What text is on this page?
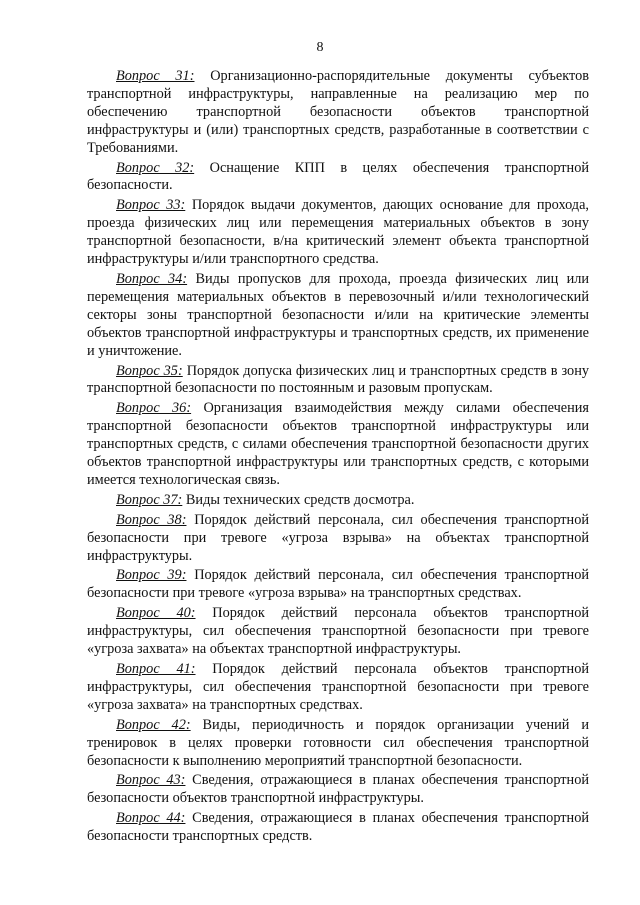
8

Вопрос 31: Организационно-распорядительные документы субъектов транспортной инфраструктуры, направленные на реализацию мер по обеспечению транспортной безопасности объектов транспортной инфраструктуры и (или) транспортных средств, разработанные в соответствии с Требованиями.

Вопрос 32: Оснащение КПП в целях обеспечения транспортной безопасности.

Вопрос 33: Порядок выдачи документов, дающих основание для прохода, проезда физических лиц или перемещения материальных объектов в зону транспортной безопасности, в/на критический элемент объекта транспортной инфраструктуры и/или транспортного средства.

Вопрос 34: Виды пропусков для прохода, проезда физических лиц или перемещения материальных объектов в перевозочный и/или технологический секторы зоны транспортной безопасности и/или на критические элементы объектов транспортной инфраструктуры и транспортных средств, их применение и уничтожение.

Вопрос 35: Порядок допуска физических лиц и транспортных средств в зону транспортной безопасности по постоянным и разовым пропускам.

Вопрос 36: Организация взаимодействия между силами обеспечения транспортной безопасности объектов транспортной инфраструктуры или транспортных средств, с силами обеспечения транспортной безопасности других объектов транспортной инфраструктуры или транспортных средств, с которыми имеется технологическая связь.

Вопрос 37: Виды технических средств досмотра.

Вопрос 38: Порядок действий персонала, сил обеспечения транспортной безопасности при тревоге «угроза взрыва» на объектах транспортной инфраструктуры.

Вопрос 39: Порядок действий персонала, сил обеспечения транспортной безопасности при тревоге «угроза взрыва» на транспортных средствах.

Вопрос 40: Порядок действий персонала объектов транспортной инфраструктуры, сил обеспечения транспортной безопасности при тревоге «угроза захвата» на объектах транспортной инфраструктуры.

Вопрос 41: Порядок действий персонала объектов транспортной инфраструктуры, сил обеспечения транспортной безопасности при тревоге «угроза захвата» на транспортных средствах.

Вопрос 42: Виды, периодичность и порядок организации учений и тренировок в целях проверки готовности сил обеспечения транспортной безопасности к выполнению мероприятий транспортной безопасности.

Вопрос 43: Сведения, отражающиеся в планах обеспечения транспортной безопасности объектов транспортной инфраструктуры.

Вопрос 44: Сведения, отражающиеся в планах обеспечения транспортной безопасности транспортных средств.
